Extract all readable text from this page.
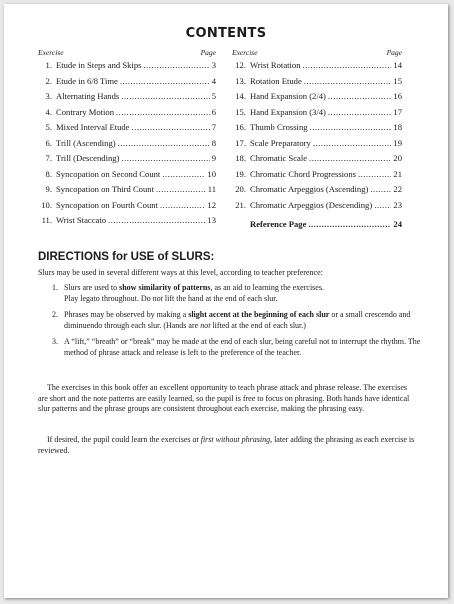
CONTENTS
Exercise	Page
1. Etude in Steps and Skips .....	3
2. Etude in 6/8 Time .....	4
3. Alternating Hands .....	5
4. Contrary Motion .....	6
5. Mixed Interval Etude .....	7
6. Trill (Ascending) .....	8
7. Trill (Descending) .....	9
8. Syncopation on Second Count .....	10
9. Syncopation on Third Count .....	11
10. Syncopation on Fourth Count .....	12
11. Wrist Staccato .....	13
Exercise	Page
12. Wrist Rotation .....	14
13. Rotation Etude .....	15
14. Hand Expansion (2/4) .....	16
15. Hand Expansion (3/4) .....	17
16. Thumb Crossing .....	18
17. Scale Preparatory .....	19
18. Chromatic Scale .....	20
19. Chromatic Chord Progressions .....	21
20. Chromatic Arpeggios (Ascending) .....	22
21. Chromatic Arpeggios (Descending) ..... 23
Reference Page .....	24
DIRECTIONS for USE of SLURS:
Slurs may be used in several different ways at this level, according to teacher preference:
1. Slurs are used to show similarity of patterns, as an aid to learning the exercises.
Play legato throughout. Do not lift the hand at the end of each slur.
2. Phrases may be observed by making a slight accent at the beginning of each slur or a small crescendo and diminuendo through each slur. (Hands are not lifted at the end of each slur.)
3. A “lift,” “breath” or “break” may be made at the end of each slur, being careful not to interrupt the rhythm. The method of phrase attack and release is left to the preference of the teacher.
The exercises in this book offer an excellent opportunity to teach phrase attack and phrase release. The exercises are short and the note patterns are easily learned, so the pupil is free to focus on phrasing. Both hands have identical slur patterns and the phrase groups are consistent throughout each exercise, making the phrasing easy.
If desired, the pupil could learn the exercises at first without phrasing, later adding the phrasing as each exercise is reviewed.
